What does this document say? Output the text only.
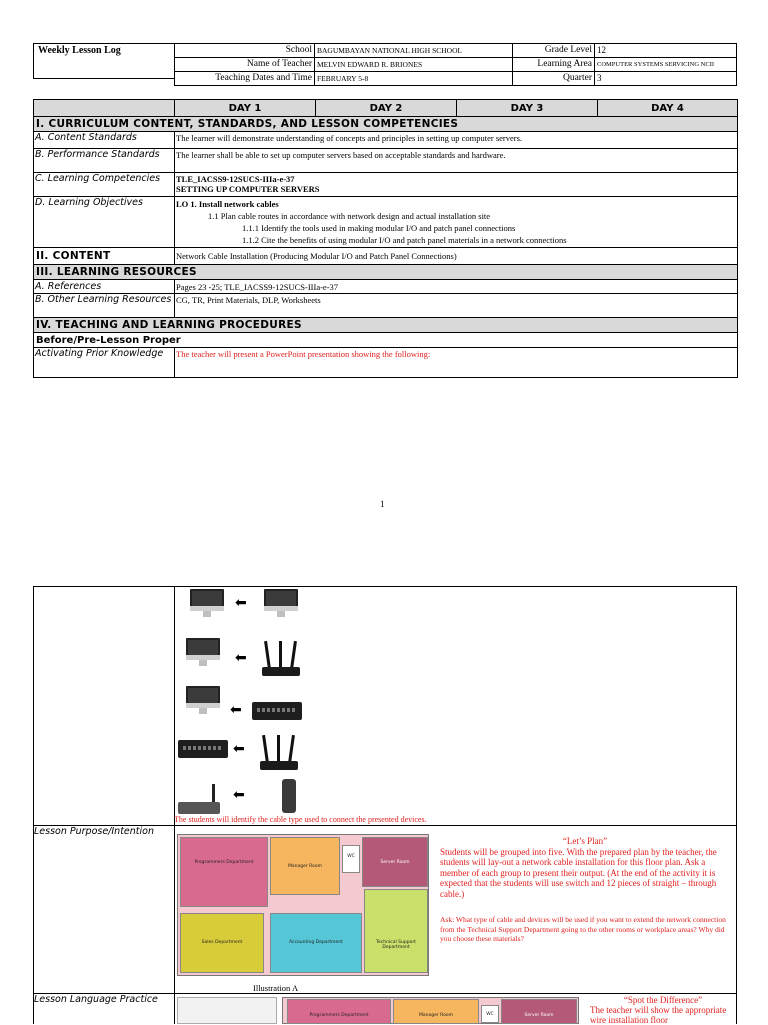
Weekly Lesson Log	School	BAGUMBAYAN NATIONAL HIGH SCHOOL	Grade Level	12
Name of Teacher	MELVIN EDWARD R. BRIONES	Learning Area	COMPUTER SYSTEMS SERVICING NCII
Teaching Dates and Time	FEBRUARY 5-8	Quarter	3
	DAY 1	DAY 2	DAY 3	DAY 4
I. CURRICULUM CONTENT, STANDARDS, AND LESSON COMPETENCIES				
A. Content Standards	The learner will demonstrate understanding of concepts and principles in setting up computer servers.			
B. Performance Standards	The learner shall be able to set up computer servers based on acceptable standards and hardware.			
C. Learning Competencies	TLE_IACSS9-12SUCS-IIIa-e-37
SETTING UP COMPUTER SERVERS			

D. Learning Objectives	LO 1. Install network cables
1.1 Plan cable routes in accordance with network design and actual installation site
1.1.1 Identify the tools used in making modular I/O and patch panel connections
1.1.2 Cite the benefits of using modular I/O and patch panel materials in a network connections			

II. CONTENT	Network Cable Installation (Producing Modular I/O and Patch Panel Connections)			
III. LEARNING RESOURCES				
A. References	Pages 23 -25; TLE_IACSS9-12SUCS-IIIa-e-37			
B. Other Learning Resources	CG, TR, Print Materials, DLP, Worksheets			
IV. TEACHING AND LEARNING PROCEDURES				
Before/Pre-Lesson Proper				
Activating Prior Knowledge	The teacher will present a PowerPoint presentation showing the following:			
1
⬅
⬅
⬅
⬅
⬅
The students will identify the cable type used to connect the presented devices.
Lesson Purpose/Intention
Programmers Department
Manager Room
WC
Server Room
Sales Department	Accounting Department	Technical Support Department
“Let’s Plan”
Students will be grouped into five. With the prepared plan by the teacher, the students will lay-out a network cable installation for this floor plan. Ask a member of each group to present their output. (At the end of the activity it is expected that the students will use switch and 12 pieces of straight – through cable.)
Ask: What type of cable and devices will be used if you want to extend the network connection from the Technical Support Department going to the other rooms or workplace areas? Why did you choose these materials?
Illustration A
Lesson Language Practice
Programmers Department	Manager Room	WC	Server Room
“Spot the Difference”
The teacher will show the appropriate wire installation floor
